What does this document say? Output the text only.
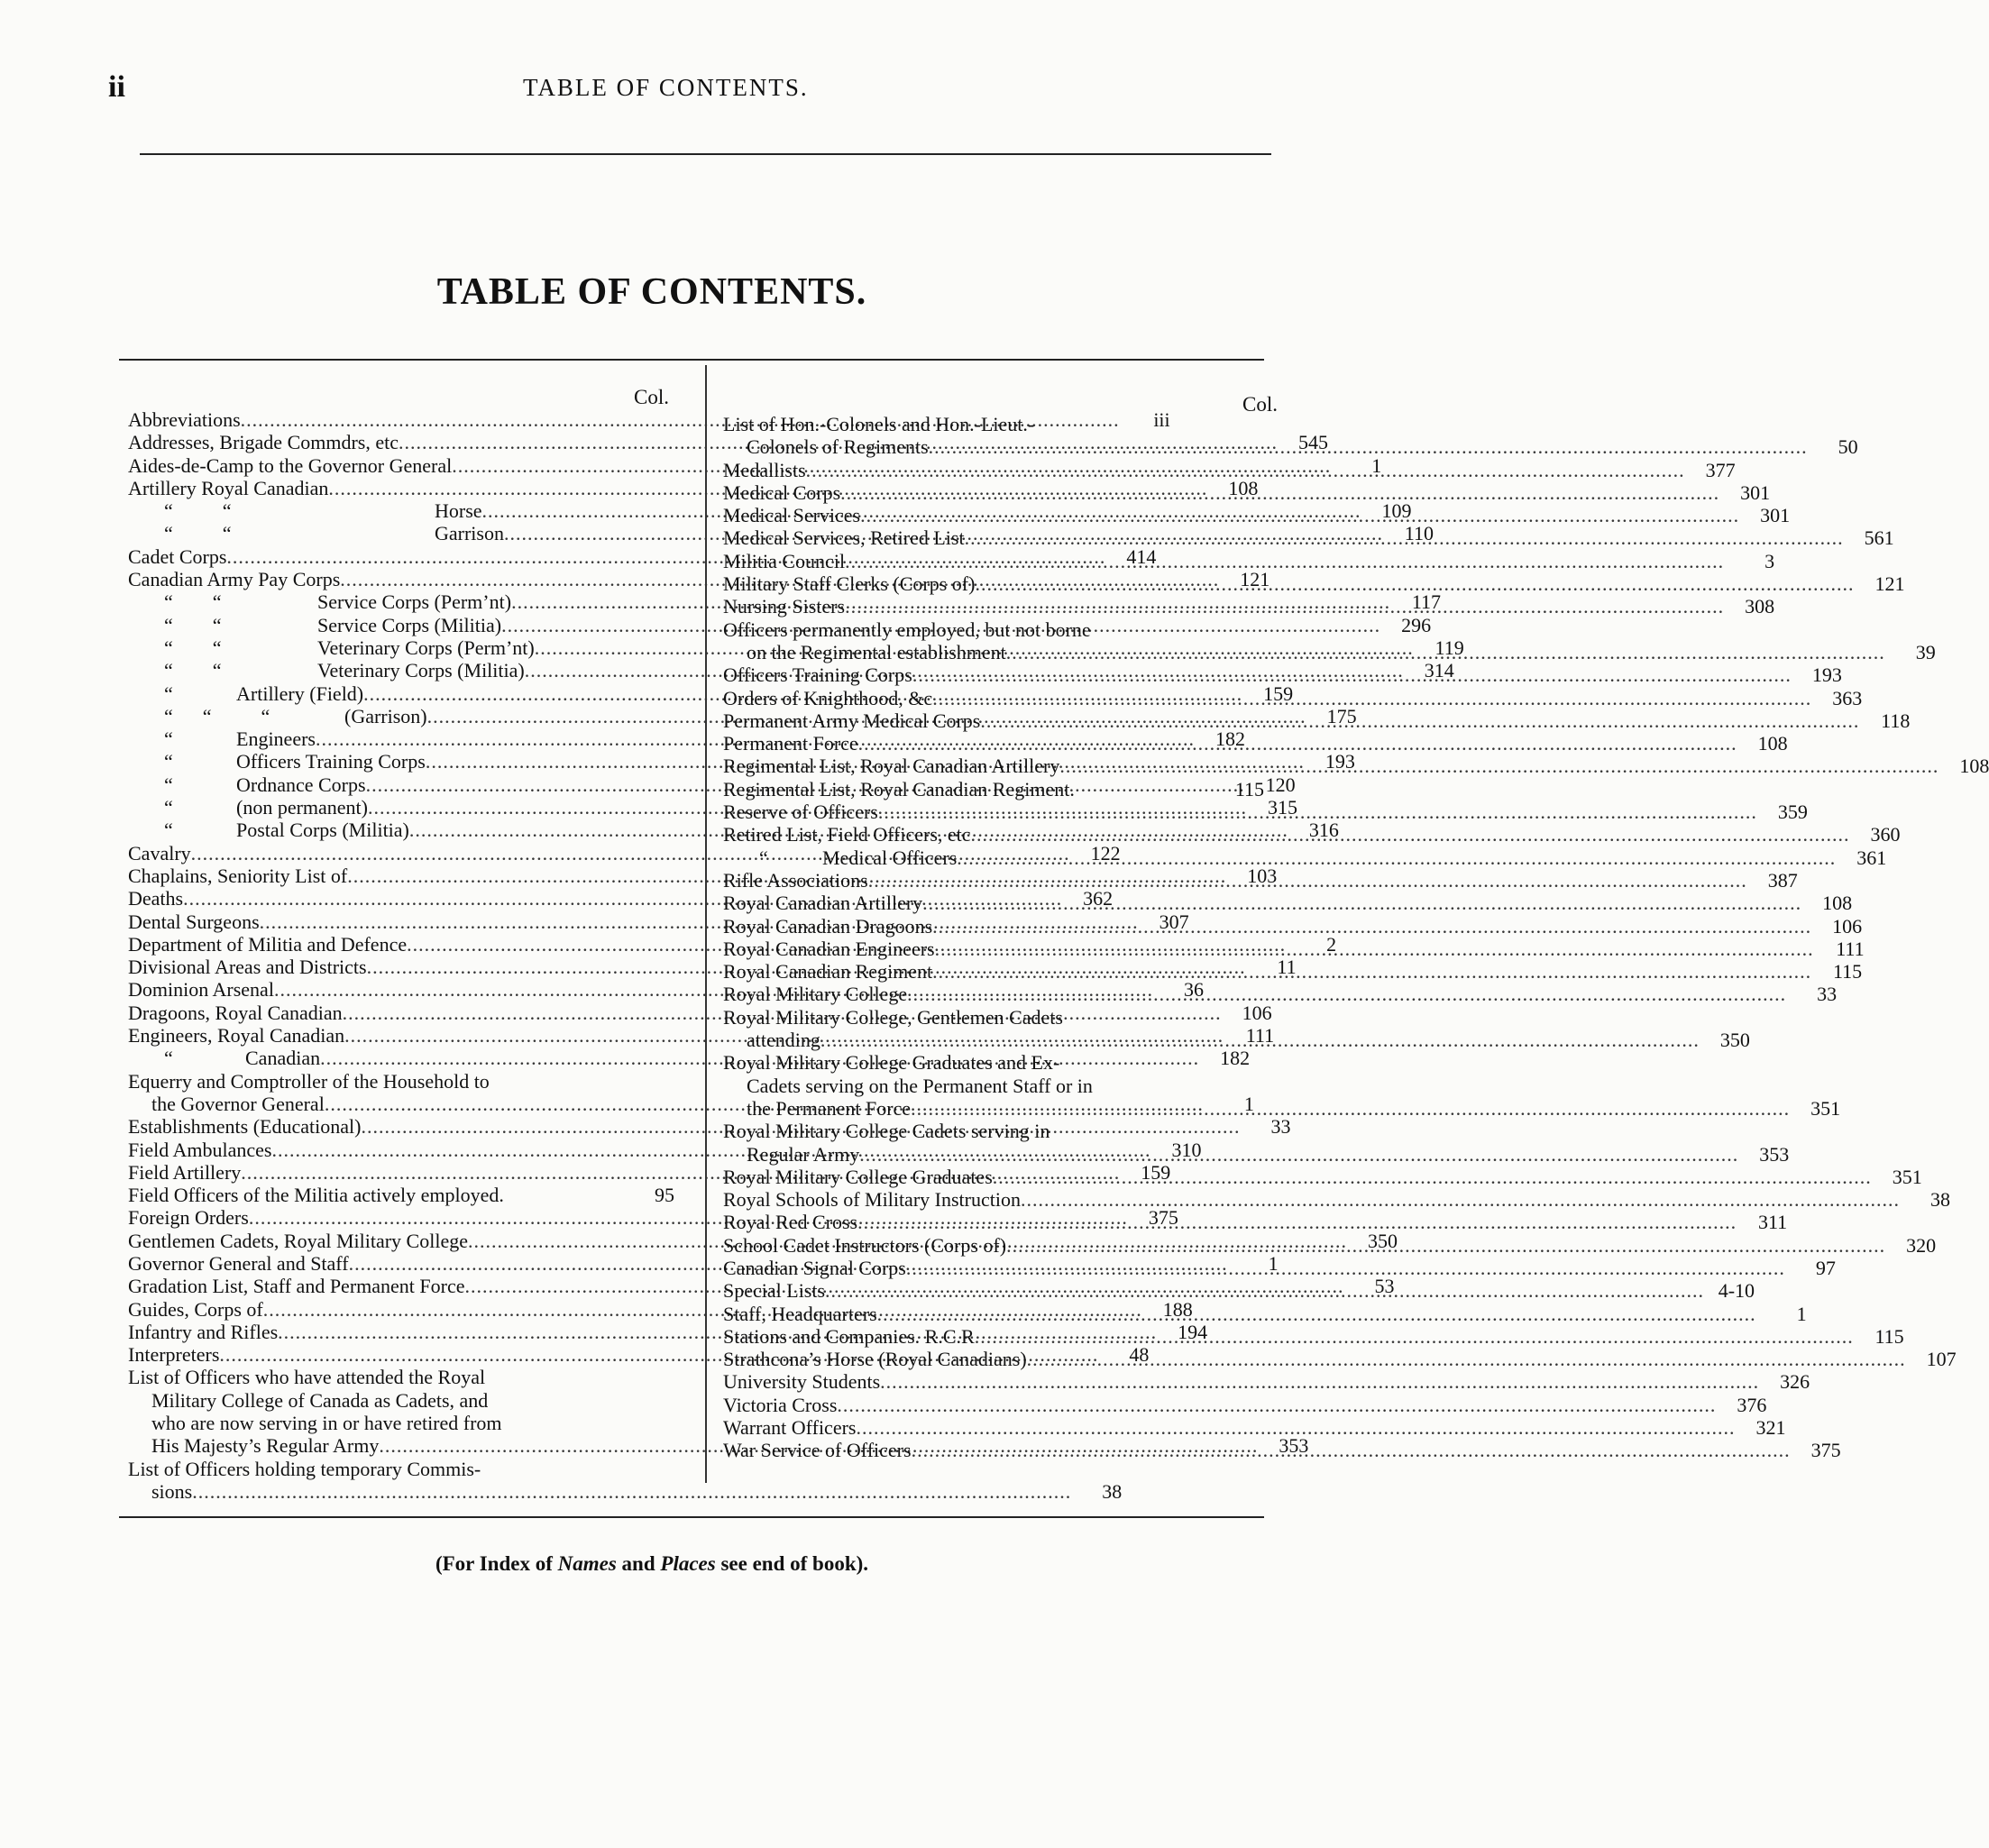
ii	TABLE OF CONTENTS.
TABLE OF CONTENTS.
Col.	Col.
Abbreviations .....	iii
Addresses, Brigade Commdrs, etc .....	545
Aides-de-Camp to the Governor General .....	1
Artillery Royal Canadian .....	108
“          “	Horse .....	109
“          “	Garrison .....	110
Cadet Corps .....	414
Canadian Army Pay Corps .....	121
“        “	Service Corps (Perm’nt) .....	117
“        “	Service Corps (Militia) .....	296
“        “	Veterinary Corps (Perm’nt) .....	119
“        “	Veterinary Corps (Militia) .....	314
“	Artillery (Field) .....	159
“      “          “	(Garrison) .....	175
“	Engineers .....	182
“	Officers Training Corps .....	193
“	Ordnance Corps .....	120
“	(non permanent) .....	315
“	Postal Corps (Militia) .....	316
Cavalry .....	122
Chaplains, Seniority List of .....	103
Deaths .....	362
Dental Surgeons .....	307
Department of Militia and Defence .....	2
Divisional Areas and Districts .....	11
Dominion Arsenal .....	36
Dragoons, Royal Canadian .....	106
Engineers, Royal Canadian .....	111
“	Canadian .....	182
Equerry and Comptroller of the Household to
the Governor General .....	1
Establishments (Educational) .....	33
Field Ambulances .....	310
Field Artillery .....	159
Field Officers of the Militia actively employed.	95
Foreign Orders .....	375
Gentlemen Cadets, Royal Military College .....	350
Governor General and Staff .....	1
Gradation List, Staff and Permanent Force .....	53
Guides, Corps of .....	188
Infantry and Rifles .....	194
Interpreters .....	48
List of Officers who have attended the Royal
Military College of Canada as Cadets, and
who are now serving in or have retired from
His Majesty’s Regular Army .....	353
List of Officers holding temporary Commis-
sions .....	38
List of Hon.-Colonels and Hon.-Lieut.-
Colonels of Regiments .....	50
Medallists .....	377
Medical Corps .....	301
Medical Services .....	301
Medical Services, Retired List .....	561
Militia Council .....	3
Military Staff Clerks (Corps of) .....	121
Nursing Sisters .....	308
Officers permanently employed, but not borne
on the Regimental establishment .....	39
Officers Training Corps .....	193
Orders of Knighthood, &c .....	363
Permanent Army Medical Corps .....	118
Permanent Force .....	108
Regimental List, Royal Canadian Artillery .....	108
Regimental List, Royal Canadian Regiment.	115
Reserve of Officers .....	359
Retired List, Field Officers, etc .....	360
“	Medical Officers .....	361
Rifle Associations .....	387
Royal Canadian Artillery .....	108
Royal Canadian Dragoons .....	106
Royal Canadian Engineers .....	111
Royal Canadian Regiment .....	115
Royal Military College .....	33
Royal Military College, Gentlemen Cadets
attending .....	350
Royal Military College Graduates and Ex-
Cadets serving on the Permanent Staff or in
the Permanent Force .....	351
Royal Military College Cadets serving in
Regular Army .....	353
Royal Military College Graduates .....	351
Royal Schools of Military Instruction .....	38
Royal Red Cross .....	311
School Cadet Instructors (Corps of) .....	320
Canadian Signal Corps .....	97
Special Lists .....	4-10
Staff, Headquarters .....	1
Stations and Companies. R.C.R .....	115
Strathcona’s Horse (Royal Canadians) .....	107
University Students .....	326
Victoria Cross .....	376
Warrant Officers .....	321
War Service of Officers .....	375
(For Index of Names and Places see end of book).
